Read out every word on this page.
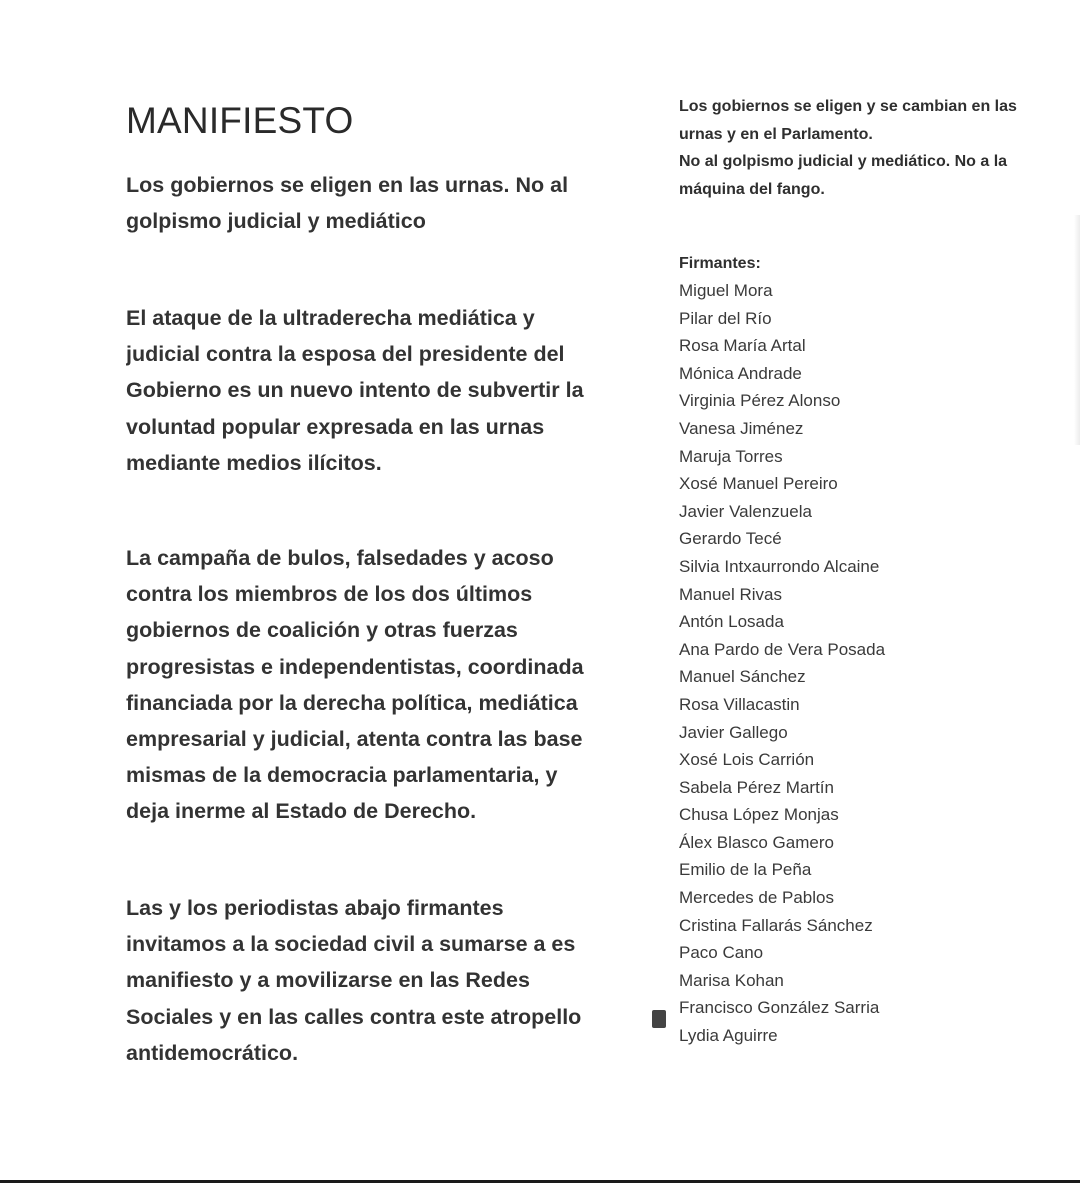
MANIFIESTO
Los gobiernos se eligen en las urnas. No al
golpismo judicial y mediático
El ataque de la ultraderecha mediática y
judicial contra la esposa del presidente del
Gobierno es un nuevo intento de subvertir la
voluntad popular expresada en las urnas
mediante medios ilícitos.
La campaña de bulos, falsedades y acoso
contra los miembros de los dos últimos
gobiernos de coalición y otras fuerzas
progresistas e independentistas, coordinada
financiada por la derecha política, mediática
empresarial y judicial, atenta contra las base
mismas de la democracia parlamentaria, y
deja inerme al Estado de Derecho.
Las y los periodistas abajo firmantes
invitamos a la sociedad civil a sumarse a es
manifiesto y a movilizarse en las Redes
Sociales y en las calles contra este atropello
antidemocrático.
Los gobiernos se eligen y se cambian en las
urnas y en el Parlamento.
No al golpismo judicial y mediático. No a la
máquina del fango.
Firmantes:
Miguel Mora
Pilar del Río
Rosa María Artal
Mónica Andrade
Virginia Pérez Alonso
Vanesa Jiménez
Maruja Torres
Xosé Manuel Pereiro
Javier Valenzuela
Gerardo Tecé
Silvia Intxaurrondo Alcaine
Manuel Rivas
Antón Losada
Ana Pardo de Vera Posada
Manuel Sánchez
Rosa Villacastin
Javier Gallego
Xosé Lois Carrión
Sabela Pérez Martín
Chusa López Monjas
Álex Blasco Gamero
Emilio de la Peña
Mercedes de Pablos
Cristina Fallarás Sánchez
Paco Cano
Marisa Kohan
Francisco González Sarria
Lydia Aguirre
